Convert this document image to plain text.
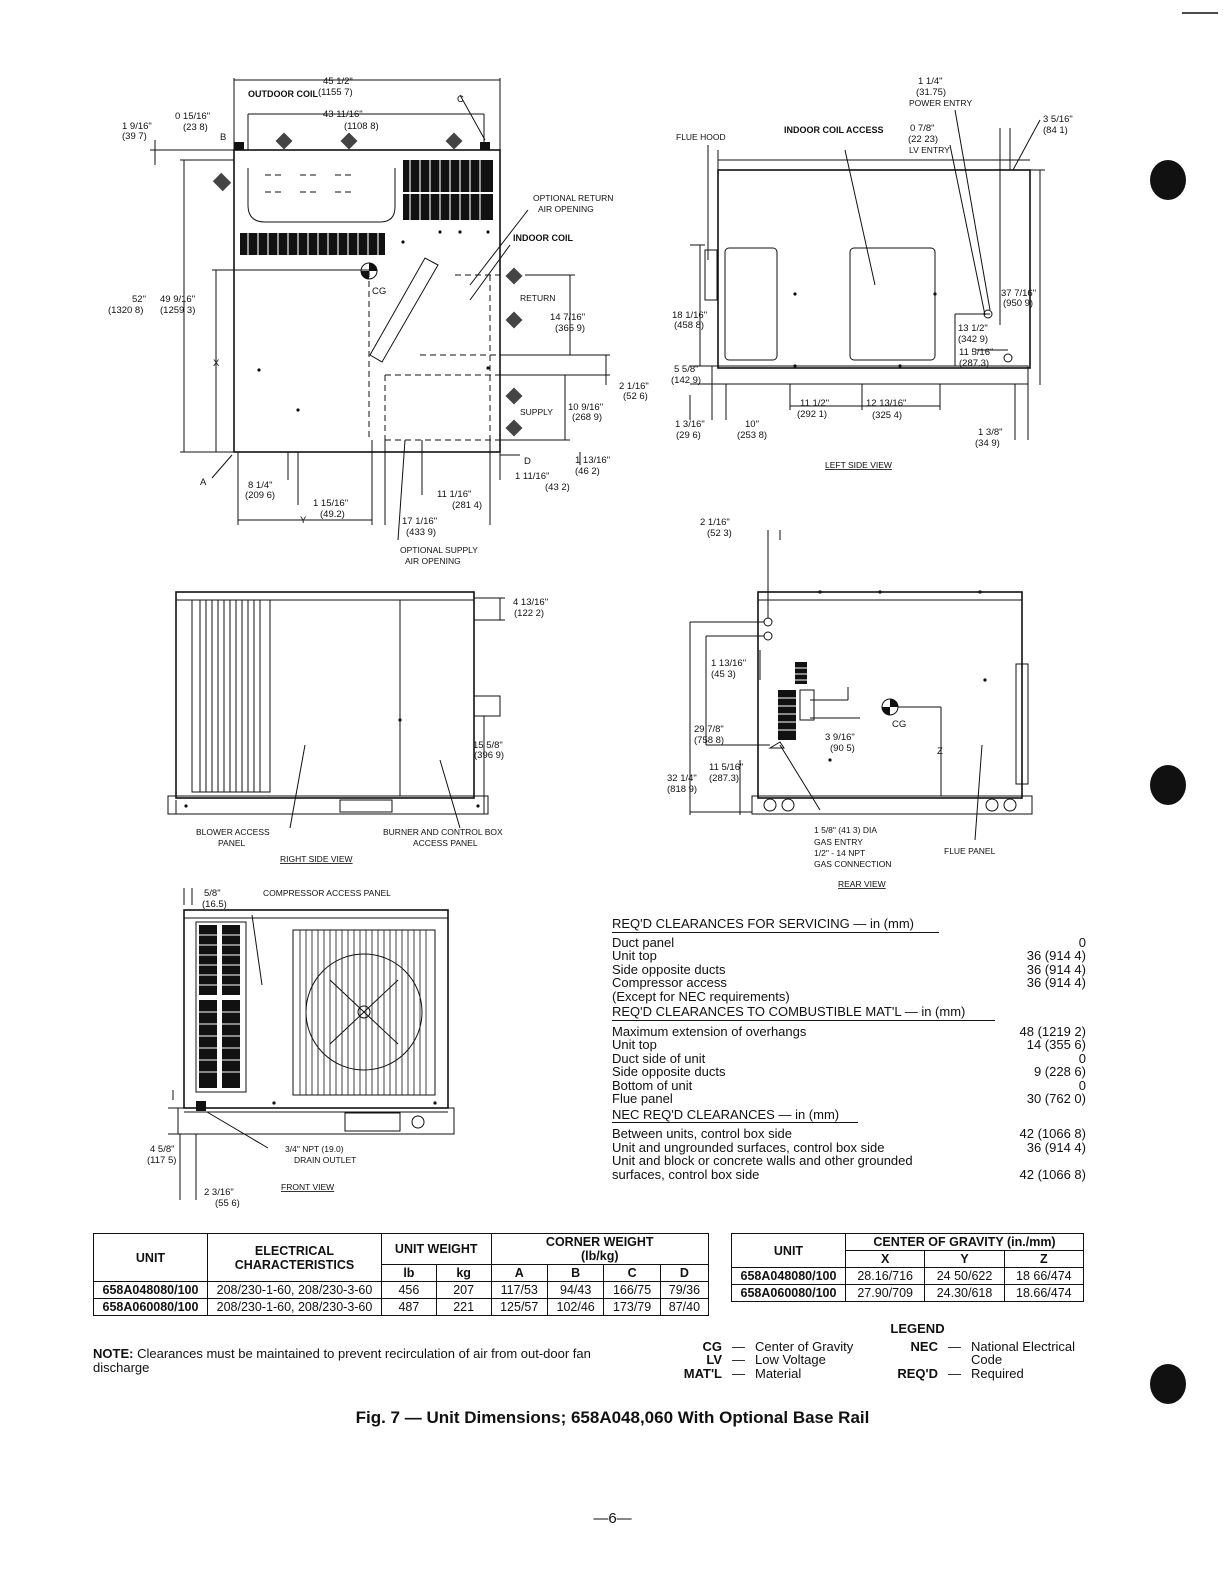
OUTDOOR COIL
45 1/2"
(1155 7)
43 11/16"
(1108 8)
0 15/16"
(23 8)
1 9/16"
(39 7)
C
B
A
D
X
Y
OPTIONAL RETURN
AIR OPENING
INDOOR COIL
RETURN
SUPPLY
CG
52"
(1320 8)
49 9/16"
(1259 3)
14 7/16"
(365 9)
2 1/16"
(52 6)
10 9/16"
(268 9)
1 13/16"
(46 2)
1 11/16"
(43 2)
8 1/4"
(209 6)
1 15/16"
(49.2)
11 1/16"
(281 4)
17 1/16"
(433 9)
OPTIONAL SUPPLY
AIR OPENING
1 1/4"
(31.75)
POWER ENTRY
FLUE HOOD
INDOOR COIL ACCESS	0 7/8"
(22 23)
LV ENTRY
3 5/16"
(84 1)
37 7/16"
(950 9)
18 1/16"
(458 8)	13 1/2"
(342 9)
11 5/16"
(287.3)
5 5/8"
(142 9)
11 1/2"
(292 1)
12 13/16"
(325 4)
1 3/16"
(29 6)
10"
(253 8)	1 3/8"
(34 9)
LEFT SIDE VIEW
4 13/16"
(122 2)
15 5/8"
(396 9)
BLOWER ACCESS
PANEL
BURNER AND CONTROL BOX
ACCESS PANEL
RIGHT SIDE VIEW
2 1/16"
(52 3)
1 13/16"
(45 3)
29 7/8"
(758 8)
CG
3 9/16"
(90 5)	Z
11 5/16"
(287.3)
32 1/4"
(818 9)
1 5/8" (41 3) DIA
GAS ENTRY
1/2" - 14 NPT
GAS CONNECTION
FLUE PANEL
REAR VIEW
5/8"
(16.5)
COMPRESSOR ACCESS PANEL
4 5/8"
(117 5)
3/4" NPT (19.0)
DRAIN OUTLET
2 3/16"
(55 6)
FRONT VIEW
REQ'D CLEARANCES FOR SERVICING — in (mm)
Duct panel	0
Unit top	36 (914 4)
Side opposite ducts	36 (914 4)
Compressor access	36 (914 4)
(Except for NEC requirements)
REQ'D CLEARANCES TO COMBUSTIBLE MAT'L — in (mm)
Maximum extension of overhangs	48 (1219 2)
Unit top	14 (355 6)
Duct side of unit	0
Side opposite ducts	9 (228 6)
Bottom of unit	0
Flue panel	30 (762 0)
NEC REQ'D CLEARANCES — in (mm)
Between units, control box side	42 (1066 8)
Unit and ungrounded surfaces, control box side	36 (914 4)
Unit and block or concrete walls and other grounded
surfaces, control box side	42 (1066 8)
UNIT	ELECTRICAL CHARACTERISTICS	UNIT WEIGHT		CORNER WEIGHT
(lb/kg)			
		lb	kg	A	B	C	D
658A048080/100	208/230-1-60, 208/230-3-60	456	207	117/53	94/43	166/75	79/36
658A060080/100	208/230-1-60, 208/230-3-60	487	221	125/57	102/46	173/79	87/40
UNIT	CENTER OF GRAVITY (in./mm)		
	X	Y	Z
658A048080/100	28.16/716	24 50/622	18 66/474
658A060080/100	27.90/709	24.30/618	18.66/474
LEGEND
CG — Center of Gravity
LV — Low Voltage
MAT'L — Material
NEC — National Electrical
Code
REQ'D — Required
NOTE: Clearances must be maintained to prevent recirculation of air from out-door fan discharge
Fig. 7 — Unit Dimensions; 658A048,060 With Optional Base Rail
—6—
